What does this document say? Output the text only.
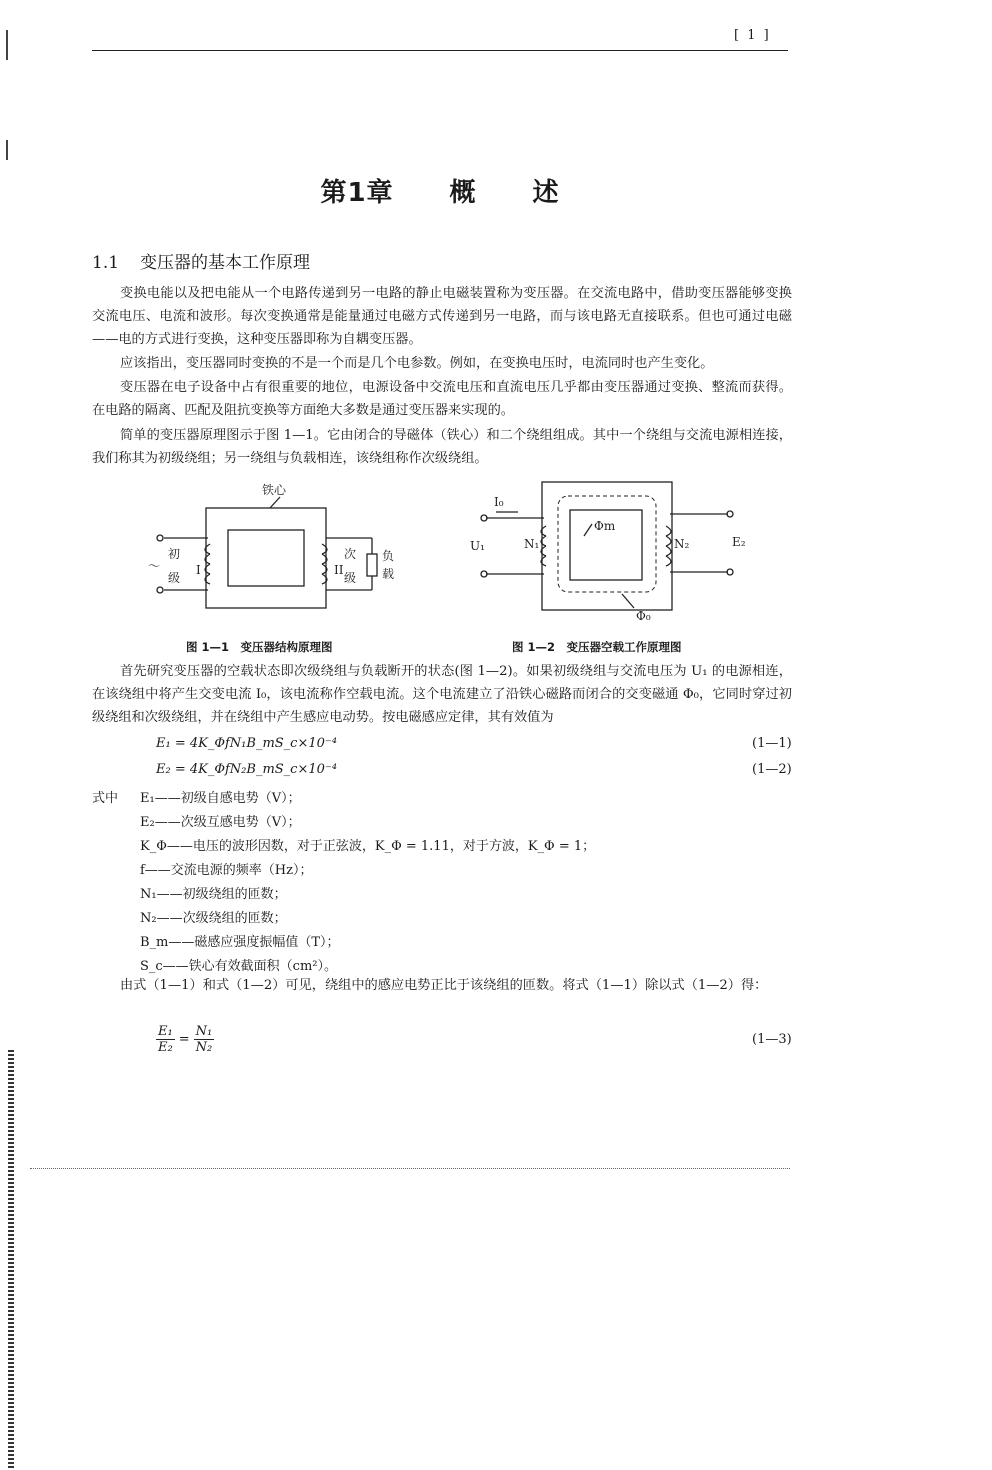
[ 1 ]
第1章 概 述
1.1 变压器的基本工作原理
变换电能以及把电能从一个电路传递到另一电路的静止电磁装置称为变压器。在交流电路中，借助变压器能够变换交流电压、电流和波形。每次变换通常是能量通过电磁方式传递到另一电路，而与该电路无直接联系。但也可通过电磁——电的方式进行变换，这种变压器即称为自耦变压器。
应该指出，变压器同时变换的不是一个而是几个电参数。例如，在变换电压时，电流同时也产生变化。
变压器在电子设备中占有很重要的地位，电源设备中交流电压和直流电压几乎都由变压器通过变换、整流而获得。在电路的隔离、匹配及阻抗变换等方面绝大多数是通过变压器来实现的。
简单的变压器原理图示于图 1—1。它由闭合的导磁体（铁心）和二个绕组组成。其中一个绕组与交流电源相连接，我们称其为初级绕组；另一绕组与负载相连，该绕组称作次级绕组。
铁心
～
初
级
I
次
级
II
负
载
图 1—1　变压器结构原理图
I₀
U₁	N₁
Φm
N₂	E₂
Φ₀
图 1—2　变压器空载工作原理图
首先研究变压器的空载状态即次级绕组与负载断开的状态(图 1—2)。如果初级绕组与交流电压为 U₁ 的电源相连，在该绕组中将产生交变电流 I₀，该电流称作空载电流。这个电流建立了沿铁心磁路而闭合的交变磁通 Φ₀，它同时穿过初级绕组和次级绕组，并在绕组中产生感应电动势。按电磁感应定律，其有效值为
E₁ = 4K_ΦfN₁B_mS_c×10⁻⁴	(1—1)
E₂ = 4K_ΦfN₂B_mS_c×10⁻⁴	(1—2)
式中 E₁——初级自感电势（V）；
E₂——次级互感电势（V）；
K_Φ——电压的波形因数，对于正弦波，K_Φ = 1.11，对于方波，K_Φ = 1；
f——交流电源的频率（Hz）；
N₁——初级绕组的匝数；
N₂——次级绕组的匝数；
B_m——磁感应强度振幅值（T）；
S_c——铁心有效截面积（cm²）。
由式（1—1）和式（1—2）可见，绕组中的感应电势正比于该绕组的匝数。将式（1—1）除以式（1—2）得：
$\frac{\text{E₁}}{\text{E₂}} = \frac{\text{N₁}}{\text{N₂}}$	(1—3)
